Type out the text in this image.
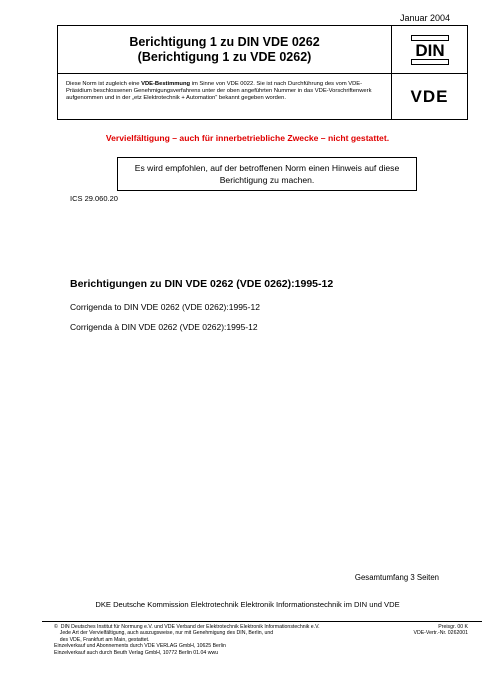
Januar 2004
Berichtigung 1 zu DIN VDE 0262
(Berichtigung 1 zu VDE 0262)	DIN
Diese Norm ist zugleich eine VDE-Bestimmung im Sinne von VDE 0022. Sie ist nach Durchführung des vom VDE-Präsidium beschlossenen Genehmigungsverfahrens unter der oben angeführten Nummer in das VDE-Vorschriftenwerk aufgenommen und in der „etz Elektrotechnik + Automation“ bekannt gegeben worden.	VDE
Vervielfältigung – auch für innerbetriebliche Zwecke – nicht gestattet.
Es wird empfohlen, auf der betroffenen Norm einen Hinweis auf diese
Berichtigung zu machen.
ICS 29.060.20
Berichtigungen zu DIN VDE 0262 (VDE 0262):1995-12
Corrigenda to DIN VDE 0262 (VDE 0262):1995-12
Corrigenda à DIN VDE 0262 (VDE 0262):1995-12
Gesamtumfang 3 Seiten
DKE Deutsche Kommission Elektrotechnik Elektronik Informationstechnik im DIN und VDE
©  DIN Deutsches Institut für Normung e.V. und VDE Verband der Elektrotechnik Elektronik Informationstechnik e.V.
Jede Art der Vervielfältigung, auch auszugsweise, nur mit Genehmigung des DIN, Berlin, und
des VDE, Frankfurt am Main, gestattet.
Einzelverkauf und Abonnements durch VDE VERLAG GmbH, 10625 Berlin
Einzelverkauf auch durch Beuth Verlag GmbH, 10772 Berlin 01.04 wwu
Preisgr. 00 K
VDE-Vertr.-Nr. 0262001
